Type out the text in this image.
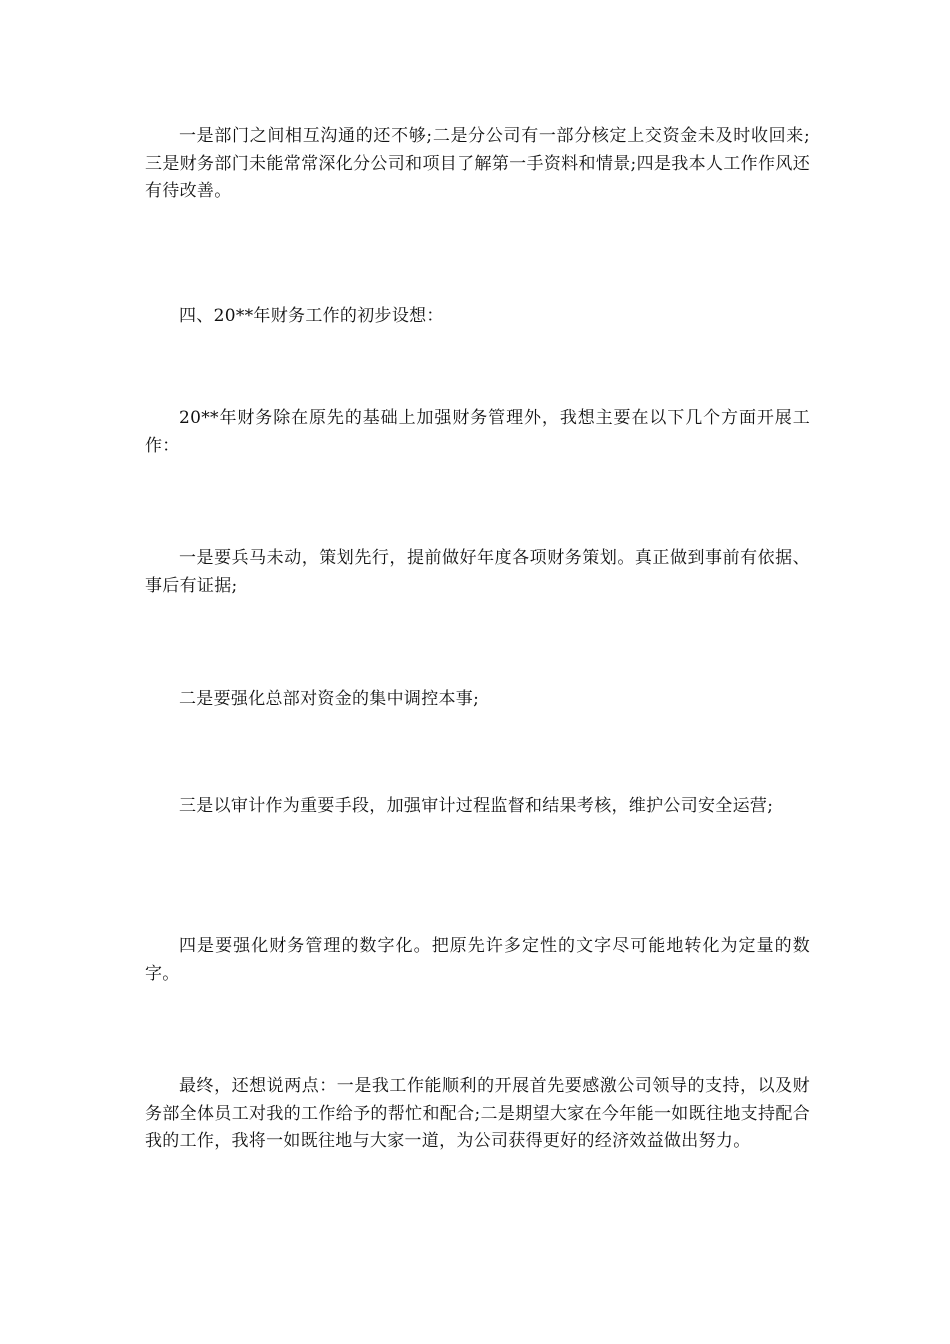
一是部门之间相互沟通的还不够;二是分公司有一部分核定上交资金未及时收回来;三是财务部门未能常常深化分公司和项目了解第一手资料和情景;四是我本人工作作风还有待改善。

四、20**年财务工作的初步设想：

20**年财务除在原先的基础上加强财务管理外，我想主要在以下几个方面开展工作：

一是要兵马未动，策划先行，提前做好年度各项财务策划。真正做到事前有依据、事后有证据;

二是要强化总部对资金的集中调控本事;

三是以审计作为重要手段，加强审计过程监督和结果考核，维护公司安全运营;

四是要强化财务管理的数字化。把原先许多定性的文字尽可能地转化为定量的数字。

最终，还想说两点：一是我工作能顺利的开展首先要感激公司领导的支持，以及财务部全体员工对我的工作给予的帮忙和配合;二是期望大家在今年能一如既往地支持配合我的工作，我将一如既往地与大家一道，为公司获得更好的经济效益做出努力。
